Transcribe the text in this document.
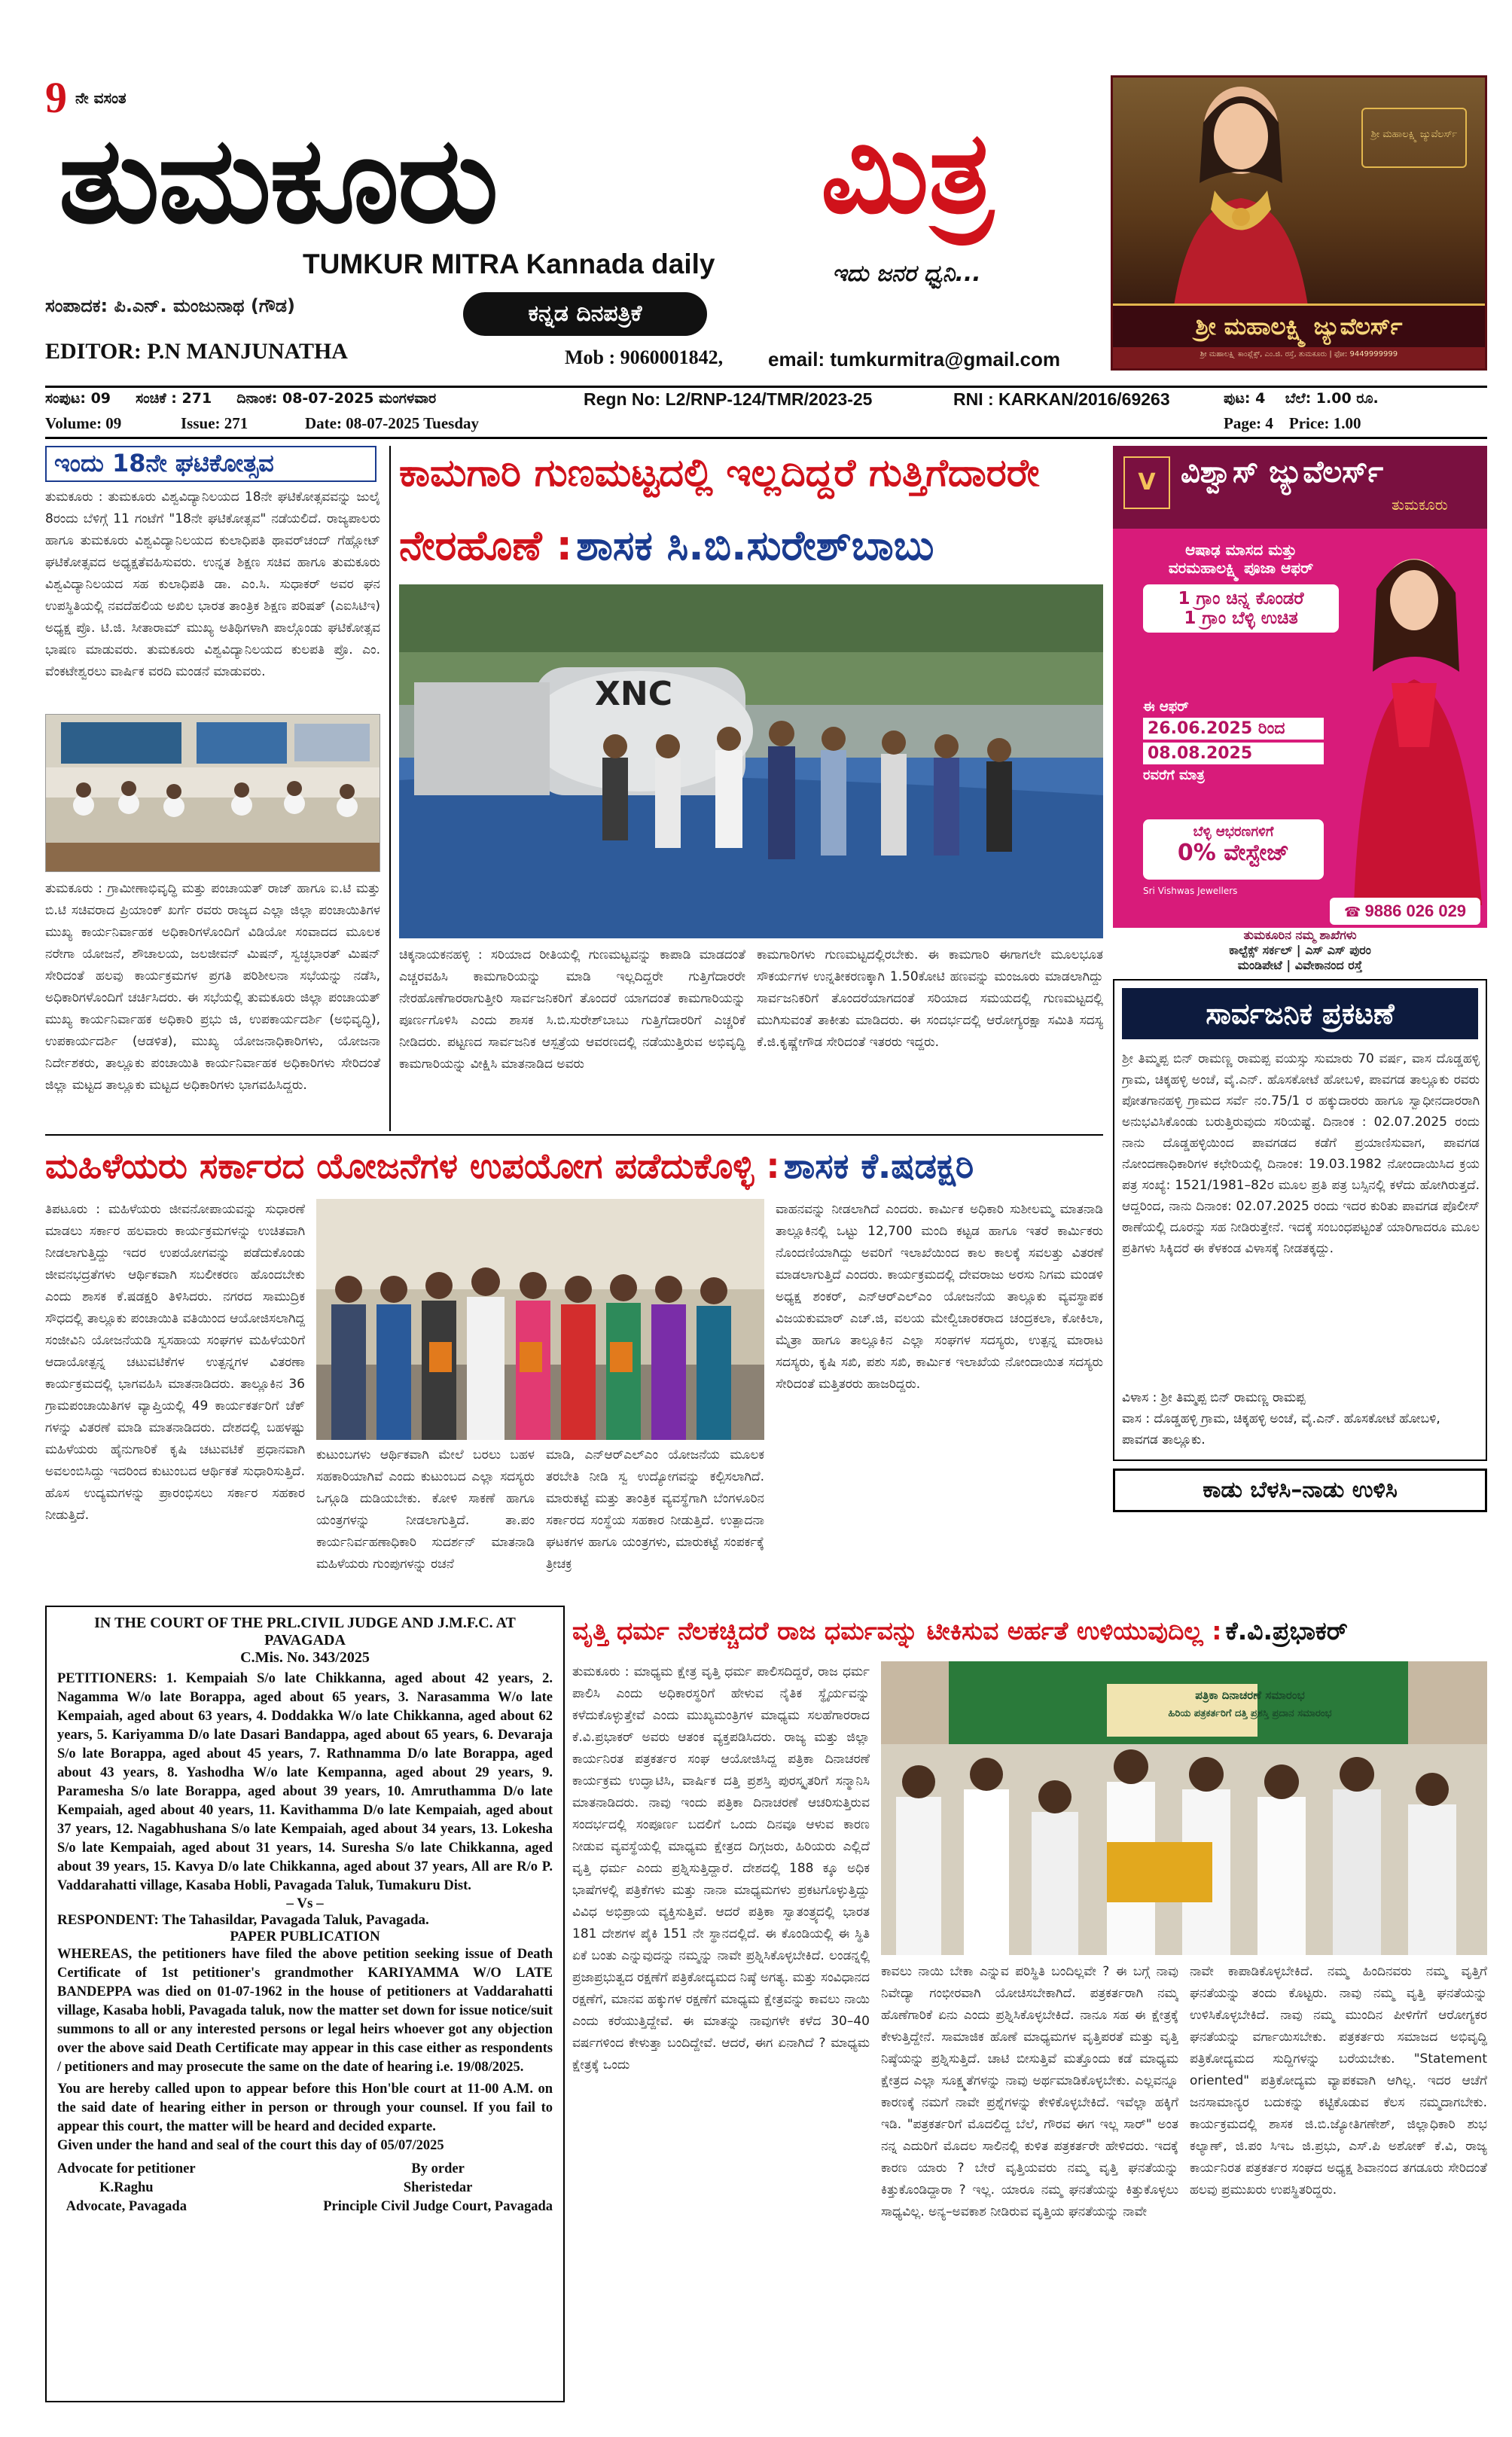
9 ನೇ ವಸಂತ
ತುಮಕೂರು	ಮಿತ್ರ
TUMKUR MITRA Kannada daily	ಇದು ಜನರ ಧ್ವನಿ...
ಸಂಪಾದಕ: ಪಿ.ಎನ್. ಮಂಜುನಾಥ (ಗೌಡ)	ಕನ್ನಡ ದಿನಪತ್ರಿಕೆ
EDITOR: P.N MANJUNATHA	Mob : 9060001842, email: tumkurmitra@gmail.com
ಶ್ರೀ ಮಹಾಲಕ್ಷ್ಮಿ ಜ್ಯುವೆಲರ್ಸ್
ಶ್ರೀ ಮಹಾಲಕ್ಷ್ಮಿ ಜ್ಯುವೆಲರ್ಸ್
ಶ್ರೀ ಮಹಾಲಕ್ಷ್ಮಿ ಕಾಂಪ್ಲೆಕ್ಸ್, ಎಂ.ಜಿ. ರಸ್ತೆ, ತುಮಕೂರು | ಫೋ: 9449999999
ಸಂಪುಟ: 09     ಸಂಚಿಕೆ : 271     ದಿನಾಂಕ: 08-07-2025 ಮಂಗಳವಾರ	Regn No: L2/RNP-124/TMR/2023-25	RNI : KARKAN/2016/69263	ಪುಟ: 4    ಬೆಲೆ: 1.00 ರೂ.
Volume: 09	Issue: 271	Date: 08-07-2025 Tuesday	Page: 4    Price: 1.00
ಇಂದು 18ನೇ ಘಟಿಕೋತ್ಸವ
ತುಮಕೂರು : ತುಮಕೂರು ವಿಶ್ವವಿದ್ಯಾನಿಲಯದ 18ನೇ ಘಟಿಕೋತ್ಸವವನ್ನು ಜುಲೈ 8ರಂದು ಬೆಳಿಗ್ಗೆ 11 ಗಂಟೆಗೆ "18ನೇ ಘಟಿಕೋತ್ಸವ" ನಡೆಯಲಿದೆ. ರಾಜ್ಯಪಾಲರು ಹಾಗೂ ತುಮಕೂರು ವಿಶ್ವವಿದ್ಯಾನಿಲಯದ ಕುಲಾಧಿಪತಿ ಥಾವರ್‌ಚಂದ್ ಗೆಹ್ಲೋಟ್ ಘಟಿಕೋತ್ಸವದ ಅಧ್ಯಕ್ಷತೆವಹಿಸುವರು. ಉನ್ನತ ಶಿಕ್ಷಣ ಸಚಿವ ಹಾಗೂ ತುಮಕೂರು ವಿಶ್ವವಿದ್ಯಾನಿಲಯದ ಸಹ ಕುಲಾಧಿಪತಿ ಡಾ. ಎಂ.ಸಿ. ಸುಧಾಕರ್ ಅವರ ಘನ ಉಪಸ್ಥಿತಿಯಲ್ಲಿ ನವದೆಹಲಿಯ ಅಖಿಲ ಭಾರತ ತಾಂತ್ರಿಕ ಶಿಕ್ಷಣ ಪರಿಷತ್ (ಎಐಸಿಟಿಇ) ಅಧ್ಯಕ್ಷ ಪ್ರೊ. ಟಿ.ಜಿ. ಸೀತಾರಾಮ್ ಮುಖ್ಯ ಅತಿಥಿಗಳಾಗಿ ಪಾಲ್ಗೊಂಡು ಘಟಿಕೋತ್ಸವ ಭಾಷಣ ಮಾಡುವರು. ತುಮಕೂರು ವಿಶ್ವವಿದ್ಯಾನಿಲಯದ ಕುಲಪತಿ ಪ್ರೊ. ಎಂ. ವೆಂಕಟೇಶ್ವರಲು ವಾರ್ಷಿಕ ವರದಿ ಮಂಡನೆ ಮಾಡುವರು.
ತುಮಕೂರು : ಗ್ರಾಮೀಣಾಭಿವೃದ್ಧಿ ಮತ್ತು ಪಂಚಾಯತ್ ರಾಜ್ ಹಾಗೂ ಐ.ಟಿ ಮತ್ತು ಬಿ.ಟಿ ಸಚಿವರಾದ ಪ್ರಿಯಾಂಕ್ ಖರ್ಗೆ ರವರು ರಾಜ್ಯದ ಎಲ್ಲಾ ಜಿಲ್ಲಾ ಪಂಚಾಯಿತಿಗಳ ಮುಖ್ಯ ಕಾರ್ಯನಿರ್ವಾಹಕ ಅಧಿಕಾರಿಗಳೊಂದಿಗೆ ವಿಡಿಯೋ ಸಂವಾದದ ಮೂಲಕ ನರೇಗಾ ಯೋಜನೆ, ಶೌಚಾಲಯ, ಜಲಜೀವನ್ ಮಿಷನ್, ಸ್ವಚ್ಛಭಾರತ್ ಮಿಷನ್ ಸೇರಿದಂತೆ ಹಲವು ಕಾರ್ಯಕ್ರಮಗಳ ಪ್ರಗತಿ ಪರಿಶೀಲನಾ ಸಭೆಯನ್ನು ನಡೆಸಿ, ಅಧಿಕಾರಿಗಳೊಂದಿಗೆ ಚರ್ಚಿಸಿದರು. ಈ ಸಭೆಯಲ್ಲಿ ತುಮಕೂರು ಜಿಲ್ಲಾ ಪಂಚಾಯತ್ ಮುಖ್ಯ ಕಾರ್ಯನಿರ್ವಾಹಕ ಅಧಿಕಾರಿ ಪ್ರಭು ಜಿ, ಉಪಕಾರ್ಯದರ್ಶಿ (ಅಭಿವೃದ್ಧಿ), ಉಪಕಾರ್ಯದರ್ಶಿ (ಆಡಳಿತ), ಮುಖ್ಯ ಯೋಜನಾಧಿಕಾರಿಗಳು, ಯೋಜನಾ ನಿರ್ದೇಶಕರು, ತಾಲ್ಲೂಕು ಪಂಚಾಯಿತಿ ಕಾರ್ಯನಿರ್ವಾಹಕ ಅಧಿಕಾರಿಗಳು ಸೇರಿದಂತೆ ಜಿಲ್ಲಾ ಮಟ್ಟದ ತಾಲ್ಲೂಕು ಮಟ್ಟದ ಅಧಿಕಾರಿಗಳು ಭಾಗವಹಿಸಿದ್ದರು.
ಕಾಮಗಾರಿ ಗುಣಮಟ್ಟದಲ್ಲಿ ಇಲ್ಲದಿದ್ದರೆ ಗುತ್ತಿಗೆದಾರರೇ
ನೇರಹೊಣೆ : ಶಾಸಕ ಸಿ.ಬಿ.ಸುರೇಶ್‌ಬಾಬು
XNC
ಚಿಕ್ಕನಾಯಕನಹಳ್ಳಿ : ಸರಿಯಾದ ರೀತಿಯಲ್ಲಿ ಗುಣಮಟ್ಟವನ್ನು ಕಾಪಾಡಿ ಮಾಡದಂತೆ ಎಚ್ಚರವಹಿಸಿ ಕಾಮಗಾರಿಯನ್ನು ಮಾಡಿ ಇಲ್ಲದಿದ್ದರೇ ಗುತ್ತಿಗೆದಾರರೇ ನೇರಹೊಣೆಗಾರರಾಗುತ್ತೀರಿ ಸಾರ್ವಜನಿಕರಿಗೆ ತೊಂದರೆ ಯಾಗದಂತೆ ಕಾಮಗಾರಿಯನ್ನು ಪೂರ್ಣಗೊಳಿಸಿ ಎಂದು ಶಾಸಕ ಸಿ.ಬಿ.ಸುರೇಶ್‌ಬಾಬು ಗುತ್ತಿಗೆದಾರರಿಗೆ ಎಚ್ಚರಿಕೆ ನೀಡಿದರು. ಪಟ್ಟಣದ ಸಾರ್ವಜನಿಕ ಆಸ್ಪತ್ರೆಯ ಆವರಣದಲ್ಲಿ ನಡೆಯುತ್ತಿರುವ ಅಭಿವೃದ್ಧಿ ಕಾಮಗಾರಿಯನ್ನು ವೀಕ್ಷಿಸಿ ಮಾತನಾಡಿದ ಅವರು
ಕಾಮಗಾರಿಗಳು ಗುಣಮಟ್ಟದಲ್ಲಿರಬೇಕು. ಈ ಕಾಮಗಾರಿ ಈಗಾಗಲೇ ಮೂಲಭೂತ ಸೌಕರ್ಯಗಳ ಉನ್ನತೀಕರಣಕ್ಕಾಗಿ 1.50ಕೋಟಿ ಹಣವನ್ನು ಮಂಜೂರು ಮಾಡಲಾಗಿದ್ದು ಸಾರ್ವಜನಿಕರಿಗೆ ತೊಂದರೆಯಾಗದಂತೆ ಸರಿಯಾದ ಸಮಯದಲ್ಲಿ ಗುಣಮಟ್ಟದಲ್ಲಿ ಮುಗಿಸುವಂತೆ ತಾಕೀತು ಮಾಡಿದರು. ಈ ಸಂದರ್ಭದಲ್ಲಿ ಆರೋಗ್ಯರಕ್ಷಾ ಸಮಿತಿ ಸದಸ್ಯ ಕೆ.ಜಿ.ಕೃಷ್ಣೇಗೌಡ ಸೇರಿದಂತೆ ಇತರರು ಇದ್ದರು.
V ವಿಶ್ವಾಸ್ ಜ್ಯುವೆಲರ್ಸ್
ತುಮಕೂರು
ಆಷಾಢ ಮಾಸದ ಮತ್ತು
ವರಮಹಾಲಕ್ಷ್ಮಿ ಪೂಜಾ ಆಫರ್
1 ಗ್ರಾಂ ಚಿನ್ನ ಕೊಂಡರೆ
1 ಗ್ರಾಂ ಬೆಳ್ಳಿ ಉಚಿತ
ಈ ಆಫರ್
26.06.2025 ರಿಂದ
08.08.2025
ರವರೆಗೆ ಮಾತ್ರ
ಬೆಳ್ಳಿ ಆಭರಣಗಳಿಗೆ
0% ವೇಸ್ಟೇಜ್
Sri Vishwas Jewellers
☎ 9886 026 029
ತುಮಕೂರಿನ ನಮ್ಮ ಶಾಖೆಗಳು
ಕಾಲ್ಟೆಕ್ಸ್ ಸರ್ಕಲ್ | ಎಸ್ ಎಸ್ ಪುರಂ
ಮಂಡಿಪೇಟೆ | ವಿವೇಕಾನಂದ ರಸ್ತೆ
ಸಾರ್ವಜನಿಕ ಪ್ರಕಟಣೆ
ಶ್ರೀ ತಿಮ್ಮಪ್ಪ ಬಿನ್ ರಾಮಣ್ಣ ರಾಮಪ್ಪ ವಯಸ್ಸು ಸುಮಾರು 70 ವರ್ಷ, ವಾಸ ದೊಡ್ಡಹಳ್ಳಿ ಗ್ರಾಮ, ಚಿಕ್ಕಹಳ್ಳಿ ಅಂಚೆ, ವೈ.ಎನ್. ಹೊಸಕೋಟೆ ಹೋಬಳಿ, ಪಾವಗಡ ತಾಲ್ಲೂಕು ರವರು ಪೋತಗಾನಹಳ್ಳಿ ಗ್ರಾಮದ ಸರ್ವೆ ನಂ.75/1 ರ ಹಕ್ಕುದಾರರು ಹಾಗೂ ಸ್ವಾಧೀನದಾರರಾಗಿ ಅನುಭವಿಸಿಕೊಂಡು ಬರುತ್ತಿರುವುದು ಸರಿಯಷ್ಟೆ. ದಿನಾಂಕ : 02.07.2025 ರಂದು ನಾನು ದೊಡ್ಡಹಳ್ಳಿಯಿಂದ ಪಾವಗಡದ ಕಡೆಗೆ ಪ್ರಯಾಣಿಸುವಾಗ, ಪಾವಗಡ ನೋಂದಣಾಧಿಕಾರಿಗಳ ಕಛೇರಿಯಲ್ಲಿ ದಿನಾಂಕ: 19.03.1982 ನೋಂದಾಯಿಸಿದ ಕ್ರಯ ಪತ್ರ ಸಂಖ್ಯೆ: 1521/1981–82ರ ಮೂಲ ಪ್ರತಿ ಪತ್ರ ಬಸ್ಸಿನಲ್ಲಿ ಕಳೆದು ಹೋಗಿರುತ್ತದೆ. ಆದ್ದರಿಂದ, ನಾನು ದಿನಾಂಕ: 02.07.2025 ರಂದು ಇದರ ಕುರಿತು ಪಾವಗಡ ಪೊಲೀಸ್ ಠಾಣೆಯಲ್ಲಿ ದೂರನ್ನು ಸಹ ನೀಡಿರುತ್ತೇನೆ. ಇದಕ್ಕೆ ಸಂಬಂಧಪಟ್ಟಂತೆ ಯಾರಿಗಾದರೂ ಮೂಲ ಪ್ರತಿಗಳು ಸಿಕ್ಕಿದರೆ ಈ ಕೆಳಕಂಡ ವಿಳಾಸಕ್ಕೆ ನೀಡತಕ್ಕದ್ದು.
ವಿಳಾಸ : ಶ್ರೀ ತಿಮ್ಮಪ್ಪ ಬಿನ್ ರಾಮಣ್ಣ ರಾಮಪ್ಪ
ವಾಸ : ದೊಡ್ಡಹಳ್ಳಿ ಗ್ರಾಮ, ಚಿಕ್ಕಹಳ್ಳಿ ಅಂಚೆ, ವೈ.ಎನ್. ಹೊಸಕೋಟೆ ಹೋಬಳಿ, ಪಾವಗಡ ತಾಲ್ಲೂಕು.
ಕಾಡು ಬೆಳಸಿ–ನಾಡು ಉಳಿಸಿ
ಮಹಿಳೆಯರು ಸರ್ಕಾರದ ಯೋಜನೆಗಳ ಉಪಯೋಗ ಪಡೆದುಕೊಳ್ಳಿ : ಶಾಸಕ ಕೆ.ಷಡಕ್ಷರಿ
ತಿಪಟೂರು : ಮಹಿಳೆಯರು ಜೀವನೋಪಾಯವನ್ನು ಸುಧಾರಣೆ ಮಾಡಲು ಸರ್ಕಾರ ಹಲವಾರು ಕಾರ್ಯಕ್ರಮಗಳನ್ನು ಉಚಿತವಾಗಿ ನೀಡಲಾಗುತ್ತಿದ್ದು ಇದರ ಉಪಯೋಗವನ್ನು ಪಡೆದುಕೊಂಡು ಜೀವನಭದ್ರತೆಗಳು ಆರ್ಥಿಕವಾಗಿ ಸಬಲೀಕರಣ ಹೊಂದಬೇಕು ಎಂದು ಶಾಸಕ ಕೆ.ಷಡಕ್ಷರಿ ತಿಳಿಸಿದರು. ನಗರದ ಸಾಮುದ್ರಿಕ ಸೌಧದಲ್ಲಿ ತಾಲ್ಲೂಕು ಪಂಚಾಯಿತಿ ವತಿಯಿಂದ ಆಯೋಜಿಸಲಾಗಿದ್ದ ಸಂಜೀವಿನಿ ಯೋಜನೆಯಡಿ ಸ್ವಸಹಾಯ ಸಂಘಗಳ ಮಹಿಳೆಯರಿಗೆ ಆದಾಯೋತ್ಪನ್ನ ಚಟುವಟಿಕೆಗಳ ಉತ್ಪನ್ನಗಳ ವಿತರಣಾ ಕಾರ್ಯಕ್ರಮದಲ್ಲಿ ಭಾಗವಹಿಸಿ ಮಾತನಾಡಿದರು. ತಾಲ್ಲೂಕಿನ 36 ಗ್ರಾಮಪಂಚಾಯಿತಿಗಳ ವ್ಯಾಪ್ತಿಯಲ್ಲಿ 49 ಕಾರ್ಯಕರ್ತರಿಗೆ ಚೆಕ್ ಗಳನ್ನು ವಿತರಣೆ ಮಾಡಿ ಮಾತನಾಡಿದರು. ದೇಶದಲ್ಲಿ ಬಹಳಷ್ಟು ಮಹಿಳೆಯರು ಹೈನುಗಾರಿಕೆ ಕೃಷಿ ಚಟುವಟಿಕೆ ಪ್ರಧಾನವಾಗಿ ಅವಲಂಬಿಸಿದ್ದು ಇದರಿಂದ ಕುಟುಂಬದ ಆರ್ಥಿಕತೆ ಸುಧಾರಿಸುತ್ತಿದೆ. ಹೊಸ ಉದ್ಯಮಗಳನ್ನು ಪ್ರಾರಂಭಿಸಲು ಸರ್ಕಾರ ಸಹಕಾರ ನೀಡುತ್ತಿದೆ.
ಕುಟುಂಬಗಳು ಆರ್ಥಿಕವಾಗಿ ಮೇಲೆ ಬರಲು ಬಹಳ ಸಹಕಾರಿಯಾಗಿವೆ ಎಂದು ಕುಟುಂಬದ ಎಲ್ಲಾ ಸದಸ್ಯರು ಒಗ್ಗೂಡಿ ದುಡಿಯಬೇಕು. ಕೋಳಿ ಸಾಕಣೆ ಹಾಗೂ ಯಂತ್ರಗಳನ್ನು ನೀಡಲಾಗುತ್ತಿದೆ. ತಾ.ಪಂ ಕಾರ್ಯನಿರ್ವಹಣಾಧಿಕಾರಿ ಸುದರ್ಶನ್ ಮಾತನಾಡಿ ಮಹಿಳೆಯರು ಗುಂಪುಗಳನ್ನು ರಚನೆ
ಮಾಡಿ, ಎನ್‌ಆರ್‌ಎಲ್‌ಎಂ ಯೋಜನೆಯ ಮೂಲಕ ತರಬೇತಿ ನೀಡಿ ಸ್ವ ಉದ್ಯೋಗವನ್ನು ಕಲ್ಪಿಸಲಾಗಿದೆ. ಮಾರುಕಟ್ಟೆ ಮತ್ತು ತಾಂತ್ರಿಕ ವ್ಯವಸ್ಥೆಗಾಗಿ ಬೆಂಗಳೂರಿನ ಸರ್ಕಾರದ ಸಂಸ್ಥೆಯ ಸಹಕಾರ ನೀಡುತ್ತಿದೆ. ಉತ್ಪಾದನಾ ಘಟಕಗಳ ಹಾಗೂ ಯಂತ್ರಗಳು, ಮಾರುಕಟ್ಟೆ ಸಂಪರ್ಕಕ್ಕೆ ತ್ರೀಚಕ್ರ
ವಾಹನವನ್ನು ನೀಡಲಾಗಿದೆ ಎಂದರು. ಕಾರ್ಮಿಕ ಅಧಿಕಾರಿ ಸುಶೀಲಮ್ಮ ಮಾತನಾಡಿ ತಾಲ್ಲೂಕಿನಲ್ಲಿ ಒಟ್ಟು 12,700 ಮಂದಿ ಕಟ್ಟಡ ಹಾಗೂ ಇತರೆ ಕಾರ್ಮಿಕರು ನೊಂದಣಿಯಾಗಿದ್ದು ಅವರಿಗೆ ಇಲಾಖೆಯಿಂದ ಕಾಲ ಕಾಲಕ್ಕೆ ಸವಲತ್ತು ವಿತರಣೆ ಮಾಡಲಾಗುತ್ತಿದೆ ಎಂದರು. ಕಾರ್ಯಕ್ರಮದಲ್ಲಿ ದೇವರಾಜು ಅರಸು ನಿಗಮ ಮಂಡಳಿ ಅಧ್ಯಕ್ಷ ಶಂಕರ್, ಎನ್‌ಆರ್‌ಎಲ್‌ಎಂ ಯೋಜನೆಯ ತಾಲ್ಲೂಕು ವ್ಯವಸ್ಥಾಪಕ ವಿಜಯಕುಮಾರ್ ಎಚ್.ಜಿ, ವಲಯ ಮೇಲ್ವಿಚಾರಕರಾದ ಚಂದ್ರಕಲಾ, ಕೋಕಿಲಾ, ಮೈತ್ರಾ ಹಾಗೂ ತಾಲ್ಲೂಕಿನ ಎಲ್ಲಾ ಸಂಘಗಳ ಸದಸ್ಯರು, ಉತ್ಪನ್ನ ಮಾರಾಟ ಸದಸ್ಯರು, ಕೃಷಿ ಸಖಿ, ಪಶು ಸಖಿ, ಕಾರ್ಮಿಕ ಇಲಾಖೆಯ ನೋಂದಾಯಿತ ಸದಸ್ಯರು ಸೇರಿದಂತೆ ಮತ್ತಿತರರು ಹಾಜರಿದ್ದರು.
IN THE COURT OF THE PRL.CIVIL JUDGE AND J.M.F.C. AT
PAVAGADA
C.Mis. No. 343/2025
PETITIONERS: 1. Kempaiah S/o late Chikkanna, aged about 42 years, 2. Nagamma W/o late Borappa, aged about 65 years, 3. Narasamma W/o late Kempaiah, aged about 63 years, 4. Doddakka W/o late Chikkanna, aged about 62 years, 5. Kariyamma D/o late Dasari Bandappa, aged about 65 years, 6. Devaraja S/o late Borappa, aged about 45 years, 7. Rathnamma D/o late Borappa, aged about 43 years, 8. Yashodha W/o late Kempanna, aged about 29 years, 9. Paramesha S/o late Borappa, aged about 39 years, 10. Amruthamma D/o late Kempaiah, aged about 40 years, 11. Kavithamma D/o late Kempaiah, aged about 37 years, 12. Nagabhushana S/o late Kempaiah, aged about 34 years, 13. Lokesha S/o late Kempaiah, aged about 31 years, 14. Suresha S/o late Chikkanna, aged about 39 years, 15. Kavya D/o late Chikkanna, aged about 37 years, All are R/o P. Vaddarahatti village, Kasaba Hobli, Pavagada Taluk, Tumakuru Dist.
– Vs –
RESPONDENT: The Tahasildar, Pavagada Taluk, Pavagada.
PAPER PUBLICATION
WHEREAS, the petitioners have filed the above petition seeking issue of Death Certificate of 1st petitioner's grandmother KARIYAMMA W/O LATE BANDEPPA was died on 01-07-1962 in the house of petitioners at Vaddarahatti village, Kasaba hobli, Pavagada taluk, now the matter set down for issue notice/suit summons to all or any interested persons or legal heirs whoever got any objection over the above said Death Certificate may appear in this case either as respondents / petitioners and may prosecute the same on the date of hearing i.e. 19/08/2025.
You are hereby called upon to appear before this Hon'ble court at 11-00 A.M. on the said date of hearing either in person or through your counsel. If you fail to appear this court, the matter will be heard and decided exparte.
Given under the hand and seal of the court this day of 05/07/2025
Advocate for petitioner
K.Raghu
Advocate, Pavagada
By order
Sheristedar
Principle Civil Judge Court, Pavagada
ವೃತ್ತಿ ಧರ್ಮ ನೆಲಕಚ್ಚಿದರೆ ರಾಜ ಧರ್ಮವನ್ನು ಟೀಕಿಸುವ ಅರ್ಹತೆ ಉಳಿಯುವುದಿಲ್ಲ : ಕೆ.ವಿ.ಪ್ರಭಾಕರ್
ತುಮಕೂರು : ಮಾಧ್ಯಮ ಕ್ಷೇತ್ರ ವೃತ್ತಿ ಧರ್ಮ ಪಾಲಿಸದಿದ್ದರೆ, ರಾಜ ಧರ್ಮ ಪಾಲಿಸಿ ಎಂದು ಅಧಿಕಾರಸ್ಥರಿಗೆ ಹೇಳುವ ನೈತಿಕ ಸ್ಥೈರ್ಯವನ್ನು ಕಳೆದುಕೊಳ್ಳುತ್ತೇವೆ ಎಂದು ಮುಖ್ಯಮಂತ್ರಿಗಳ ಮಾಧ್ಯಮ ಸಲಹೆಗಾರರಾದ ಕೆ.ವಿ.ಪ್ರಭಾಕರ್ ಅವರು ಆತಂಕ ವ್ಯಕ್ತಪಡಿಸಿದರು. ರಾಜ್ಯ ಮತ್ತು ಜಿಲ್ಲಾ ಕಾರ್ಯನಿರತ ಪತ್ರಕರ್ತರ ಸಂಘ ಆಯೋಜಿಸಿದ್ದ ಪತ್ರಿಕಾ ದಿನಾಚರಣೆ ಕಾರ್ಯಕ್ರಮ ಉದ್ಘಾಟಿಸಿ, ವಾರ್ಷಿಕ ದತ್ತಿ ಪ್ರಶಸ್ತಿ ಪುರಸ್ಕೃತರಿಗೆ ಸನ್ಮಾನಿಸಿ ಮಾತನಾಡಿದರು. ನಾವು ಇಂದು ಪತ್ರಿಕಾ ದಿನಾಚರಣೆ ಆಚರಿಸುತ್ತಿರುವ ಸಂದರ್ಭದಲ್ಲಿ ಸಂಪೂರ್ಣ ಬದಲಿಗೆ ಒಂದು ದಿನವೂ ಆಳುವ ಕಾರಣ ನೀಡುವ ವ್ಯವಸ್ಥೆಯಲ್ಲಿ ಮಾಧ್ಯಮ ಕ್ಷೇತ್ರದ ದಿಗ್ಗಜರು, ಹಿರಿಯರು ಎಲ್ಲಿದೆ ವೃತ್ತಿ ಧರ್ಮ ಎಂದು ಪ್ರಶ್ನಿಸುತ್ತಿದ್ದಾರೆ. ದೇಶದಲ್ಲಿ 188 ಕ್ಕೂ ಅಧಿಕ ಭಾಷೆಗಳಲ್ಲಿ ಪತ್ರಿಕೆಗಳು ಮತ್ತು ನಾನಾ ಮಾಧ್ಯಮಗಳು ಪ್ರಕಟಗೊಳ್ಳುತ್ತಿದ್ದು ವಿವಿಧ ಅಭಿಪ್ರಾಯ ವ್ಯಕ್ತಿಸುತ್ತಿವೆ. ಆದರೆ ಪತ್ರಿಕಾ ಸ್ವಾತಂತ್ರ್ಯದಲ್ಲಿ ಭಾರತ 181 ದೇಶಗಳ ಪೈಕಿ 151 ನೇ ಸ್ಥಾನದಲ್ಲಿದೆ. ಈ ಕೊಂಡಿಯಲ್ಲಿ ಈ ಸ್ಥಿತಿ ಏಕೆ ಬಂತು ಎನ್ನುವುದನ್ನು ನಮ್ಮನ್ನು ನಾವೇ ಪ್ರಶ್ನಿಸಿಕೊಳ್ಳಬೇಕಿದೆ. ಲಂಡನ್ನಲ್ಲಿ ಪ್ರಜಾಪ್ರಭುತ್ವದ ರಕ್ಷಣೆಗೆ ಪತ್ರಿಕೋದ್ಯಮದ ನಿಷ್ಠೆ ಅಗತ್ಯ. ಮತ್ತು ಸಂವಿಧಾನದ ರಕ್ಷಣೆಗೆ, ಮಾನವ ಹಕ್ಕುಗಳ ರಕ್ಷಣೆಗೆ ಮಾಧ್ಯಮ ಕ್ಷೇತ್ರವನ್ನು ಕಾವಲು ನಾಯಿ ಎಂದು ಕರೆಯುತ್ತಿದ್ದೇವೆ. ಈ ಮಾತನ್ನು ನಾವುಗಳೇ ಕಳೆದ 30–40 ವರ್ಷಗಳಿಂದ ಕೇಳುತ್ತಾ ಬಂದಿದ್ದೇವೆ. ಆದರೆ, ಈಗ ಏನಾಗಿದೆ ? ಮಾಧ್ಯಮ ಕ್ಷೇತ್ರಕ್ಕೆ ಒಂದು
ಪತ್ರಿಕಾ ದಿನಾಚರಣೆ ಸಮಾರಂಭ
ಹಿರಿಯ ಪತ್ರಕರ್ತರಿಗೆ ದತ್ತಿ ಪ್ರಶಸ್ತಿ ಪ್ರದಾನ ಸಮಾರಂಭ
ಕಾವಲು ನಾಯಿ ಬೇಕಾ ಎನ್ನುವ ಪರಿಸ್ಥಿತಿ ಬಂದಿಲ್ಲವೇ ? ಈ ಬಗ್ಗೆ ನಾವು ನಿವೇದ್ಯಾ ಗಂಭೀರವಾಗಿ ಯೋಚಿಸಬೇಕಾಗಿದೆ. ಪತ್ರಕರ್ತರಾಗಿ ನಮ್ಮ ಹೊಣೆಗಾರಿಕೆ ಏನು ಎಂದು ಪ್ರಶ್ನಿಸಿಕೊಳ್ಳಬೇಕಿದೆ. ನಾನೂ ಸಹ ಈ ಕ್ಷೇತ್ರಕ್ಕೆ ಕೇಳುತ್ತಿದ್ದೇನೆ. ಸಾಮಾಜಿಕ ಹೊಣೆ ಮಾಧ್ಯಮಗಳ ವೃತ್ತಿಪರತೆ ಮತ್ತು ವೃತ್ತಿ ನಿಷ್ಠೆಯನ್ನು ಪ್ರಶ್ನಿಸುತ್ತಿದೆ. ಚಾಟಿ ಬೀಸುತ್ತಿವೆ ಮತ್ತೊಂದು ಕಡೆ ಮಾಧ್ಯಮ ಕ್ಷೇತ್ರದ ಎಲ್ಲಾ ಸೂಕ್ಷ್ಮತೆಗಳನ್ನು ನಾವು ಅರ್ಥಮಾಡಿಕೊಳ್ಳಬೇಕು. ಎಲ್ಲವನ್ನೂ ಕಾರಣಕ್ಕೆ ನಮಗೆ ನಾವೇ ಪ್ರಶ್ನೆಗಳನ್ನು ಕೇಳಿಕೊಳ್ಳಬೇಕಿದೆ. ಇವೆಲ್ಲಾ ಹಕ್ಕಿಗೆ ಇಡಿ. "ಪತ್ರಕರ್ತರಿಗೆ ಮೊದಲಿದ್ದ ಬೆಲೆ, ಗೌರವ ಈಗ ಇಲ್ಲ ಸಾರ್" ಅಂತ ನನ್ನ ಎದುರಿಗೆ ಮೊದಲ ಸಾಲಿನಲ್ಲಿ ಕುಳಿತ ಪತ್ರಕರ್ತರೇ ಹೇಳಿದರು. ಇದಕ್ಕೆ ಕಾರಣ ಯಾರು ? ಬೇರೆ ವೃತ್ತಿಯವರು ನಮ್ಮ ವೃತ್ತಿ ಘನತೆಯನ್ನು ಕಿತ್ತುಕೊಂಡಿದ್ದಾರಾ ? ಇಲ್ಲ. ಯಾರೂ ನಮ್ಮ ಘನತೆಯನ್ನು ಕಿತ್ತುಕೊಳ್ಳಲು ಸಾಧ್ಯವಿಲ್ಲ. ಅನ್ಯ–ಅವಕಾಶ ನೀಡಿರುವ ವೃತ್ತಿಯ ಘನತೆಯನ್ನು ನಾವೇ
ನಾವೇ ಕಾಪಾಡಿಕೊಳ್ಳಬೇಕಿದೆ. ನಮ್ಮ ಹಿಂದಿನವರು ನಮ್ಮ ವೃತ್ತಿಗೆ ಘನತೆಯನ್ನು ತಂದು ಕೊಟ್ಟರು. ನಾವು ನಮ್ಮ ವೃತ್ತಿ ಘನತೆಯನ್ನು ಉಳಿಸಿಕೊಳ್ಳಬೇಕಿದೆ. ನಾವು ನಮ್ಮ ಮುಂದಿನ ಪೀಳಿಗೆಗೆ ಆರೋಗ್ಯಕರ ಘನತೆಯನ್ನು ವರ್ಗಾಯಿಸಬೇಕು. ಪತ್ರಕರ್ತರು ಸಮಾಜದ ಅಭಿವೃದ್ಧಿ ಪತ್ರಿಕೋದ್ಯಮದ ಸುದ್ದಿಗಳನ್ನು ಬರೆಯಬೇಕು. "Statement oriented" ಪತ್ರಿಕೋದ್ಯಮ ವ್ಯಾಪಕವಾಗಿ ಆಗಿಲ್ಲ. ಇದರ ಆಚೆಗೆ ಜನಸಾಮಾನ್ಯರ ಬದುಕನ್ನು ಕಟ್ಟಿಕೊಡುವ ಕೆಲಸ ನಮ್ಮದಾಗಬೇಕು. ಕಾರ್ಯಕ್ರಮದಲ್ಲಿ ಶಾಸಕ ಜಿ.ಬಿ.ಜ್ಯೋತಿಗಣೇಶ್, ಜಿಲ್ಲಾಧಿಕಾರಿ ಶುಭ ಕಲ್ಯಾಣ್, ಜಿ.ಪಂ ಸಿಇಒ ಜಿ.ಪ್ರಭು, ಎಸ್.ಪಿ ಅಶೋಕ್ ಕೆ.ವಿ, ರಾಜ್ಯ ಕಾರ್ಯನಿರತ ಪತ್ರಕರ್ತರ ಸಂಘದ ಅಧ್ಯಕ್ಷ ಶಿವಾನಂದ ತಗಡೂರು ಸೇರಿದಂತೆ ಹಲವು ಪ್ರಮುಖರು ಉಪಸ್ಥಿತರಿದ್ದರು.
